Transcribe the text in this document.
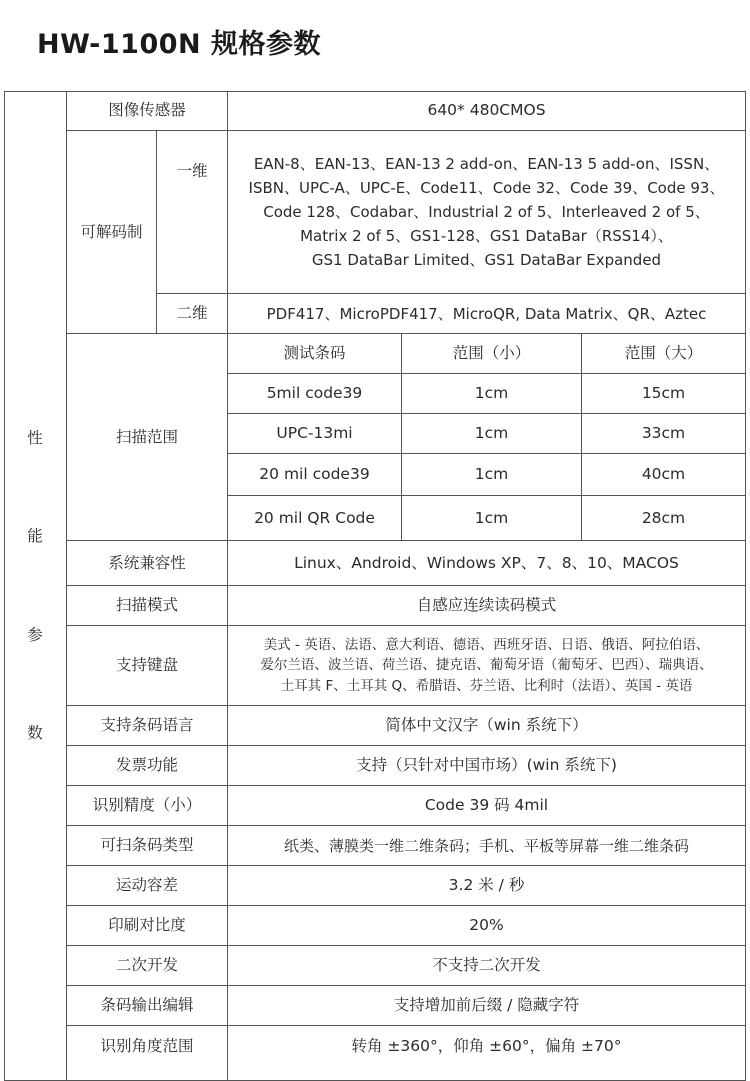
HW-1100N 规格参数
性
能
参
数
图像传感器	640* 480CMOS
可解码制
一维	EAN-8、EAN-13、EAN-13 2 add-on、EAN-13 5 add-on、ISSN、
ISBN、UPC-A、UPC-E、Code11、Code 32、Code 39、Code 93、
Code 128、Codabar、Industrial 2 of 5、Interleaved 2 of 5、
Matrix 2 of 5、GS1-128、GS1 DataBar（RSS14）、
GS1 DataBar Limited、GS1 DataBar Expanded
二维	PDF417、MicroPDF417、MicroQR, Data Matrix、QR、Aztec
扫描范围
测试条码	范围（小）	范围（大）
5mil code39	1cm	15cm
UPC-13mi	1cm	33cm
20 mil code39	1cm	40cm
20 mil QR Code	1cm	28cm
系统兼容性	Linux、Android、Windows XP、7、8、10、MACOS
扫描模式	自感应连续读码模式
支持键盘
美式 - 英语、法语、意大利语、德语、西班牙语、日语、俄语、阿拉伯语、
爱尔兰语、波兰语、荷兰语、捷克语、葡萄牙语（葡萄牙、巴西）、瑞典语、
土耳其 F、土耳其 Q、希腊语、芬兰语、比利时（法语）、英国 - 英语
支持条码语言	简体中文汉字（win 系统下）
发票功能	支持（只针对中国市场）(win 系统下)
识别精度（小）	Code 39 码 4mil
可扫条码类型	纸类、薄膜类一维二维条码；手机、平板等屏幕一维二维条码
运动容差	3.2 米 / 秒
印刷对比度	20%
二次开发	不支持二次开发
条码输出编辑	支持增加前后缀 / 隐藏字符
识别角度范围	转角 ±360°，仰角 ±60°，偏角 ±70°
